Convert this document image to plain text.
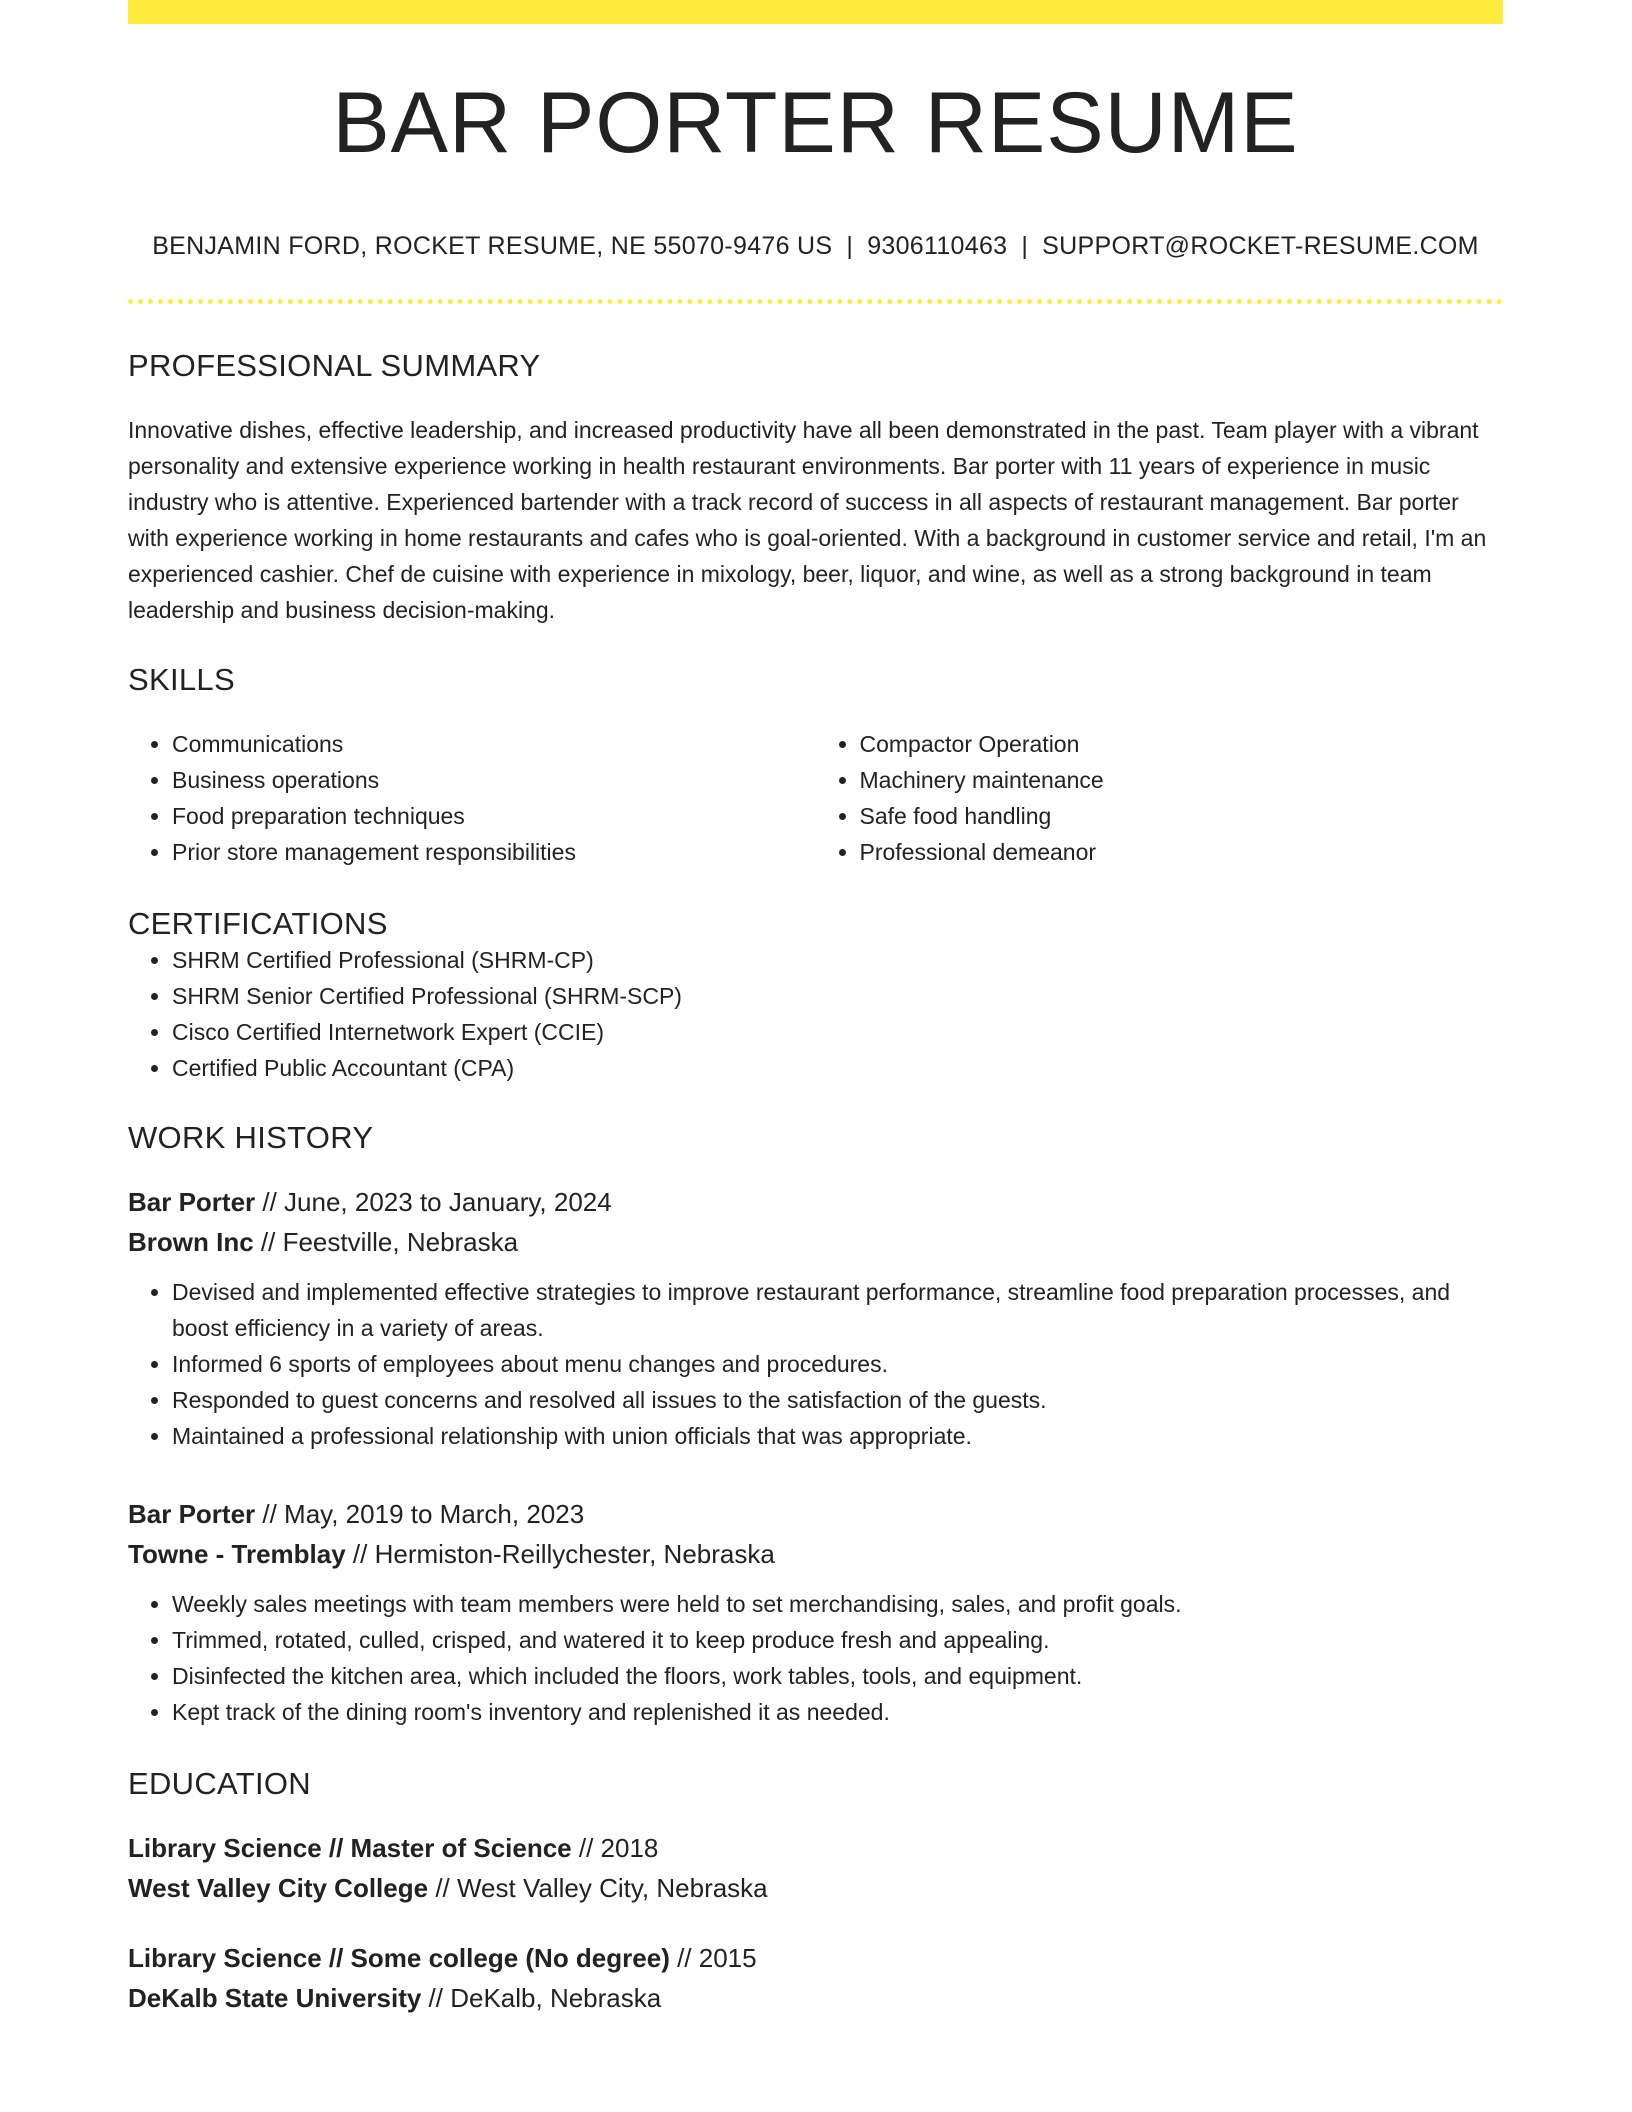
BAR PORTER RESUME
BENJAMIN FORD, ROCKET RESUME, NE 55070-9476 US | 9306110463 | SUPPORT@ROCKET-RESUME.COM
PROFESSIONAL SUMMARY

Innovative dishes, effective leadership, and increased productivity have all been demonstrated in the past. Team player with a vibrant personality and extensive experience working in health restaurant environments. Bar porter with 11 years of experience in music industry who is attentive. Experienced bartender with a track record of success in all aspects of restaurant management. Bar porter with experience working in home restaurants and cafes who is goal-oriented. With a background in customer service and retail, I'm an experienced cashier. Chef de cuisine with experience in mixology, beer, liquor, and wine, as well as a strong background in team leadership and business decision-making.

SKILLS
• Communications
• Business operations
• Food preparation techniques
• Prior store management responsibilities
• Compactor Operation
• Machinery maintenance
• Safe food handling
• Professional demeanor
CERTIFICATIONS
• SHRM Certified Professional (SHRM-CP)
• SHRM Senior Certified Professional (SHRM-SCP)
• Cisco Certified Internetwork Expert (CCIE)
• Certified Public Accountant (CPA)
WORK HISTORY
Bar Porter // June, 2023 to January, 2024
Brown Inc // Feestville, Nebraska
• Devised and implemented effective strategies to improve restaurant performance, streamline food preparation processes, and boost efficiency in a variety of areas.
• Informed 6 sports of employees about menu changes and procedures.
• Responded to guest concerns and resolved all issues to the satisfaction of the guests.
• Maintained a professional relationship with union officials that was appropriate.
Bar Porter // May, 2019 to March, 2023
Towne - Tremblay // Hermiston-Reillychester, Nebraska
• Weekly sales meetings with team members were held to set merchandising, sales, and profit goals.
• Trimmed, rotated, culled, crisped, and watered it to keep produce fresh and appealing.
• Disinfected the kitchen area, which included the floors, work tables, tools, and equipment.
• Kept track of the dining room's inventory and replenished it as needed.
EDUCATION
Library Science // Master of Science // 2018
West Valley City College // West Valley City, Nebraska
Library Science // Some college (No degree) // 2015
DeKalb State University // DeKalb, Nebraska
